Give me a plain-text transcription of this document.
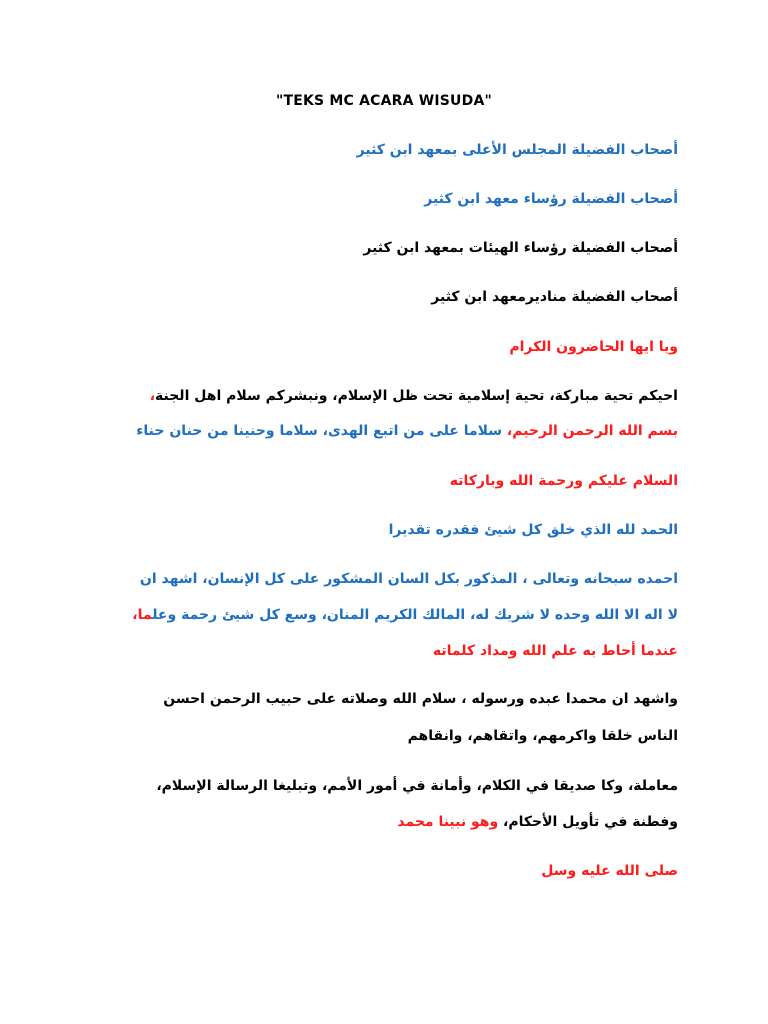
"TEKS MC ACARA WISUDA"
أصحاب الفضيلة المجلس الأعلى بمعهد ابن كثير
أصحاب الفضيلة رؤساء معهد ابن كثير
أصحاب الفضيلة رؤساء الهيئات بمعهد ابن كثير
أصحاب الفضيلة مناديرمعهد ابن كثير
ويا ايها الحاضرون الكرام
احيكم تحية مباركة، تحية إسلامية تحت ظل الإسلام، ونبشركم سلام اهل الجنة،
بسم الله الرحمن الرحيم، سلاما على من اتبع الهدى، سلاما وحنينا من حنان حناء
السلام عليكم ورحمة الله وباركاته
الحمد لله الذي خلق كل شيئ فقدره تقديرا
احمده سبحانه وتعالى ، المذكور بكل السان المشكور على كل الإنسان، اشهد ان
لا اله الا الله وحده لا شريك له، المالك الكريم المنان، وسع كل شيئ رحمة وعلما،
عندما أحاط به علم الله ومداد كلماته
واشهد ان محمدا عبده ورسوله ، سلام الله وصلاته على حبيب الرحمن احسن
الناس خلقا واكرمهم، واتقاهم، وانقاهم
معاملة، وكا صديقا في الكلام، وأمانة في أمور الأمم، وتبليغا الرسالة الإسلام،
وفطنة في تأويل الأحكام، وهو نبينا محمد
صلى الله عليه وسل
